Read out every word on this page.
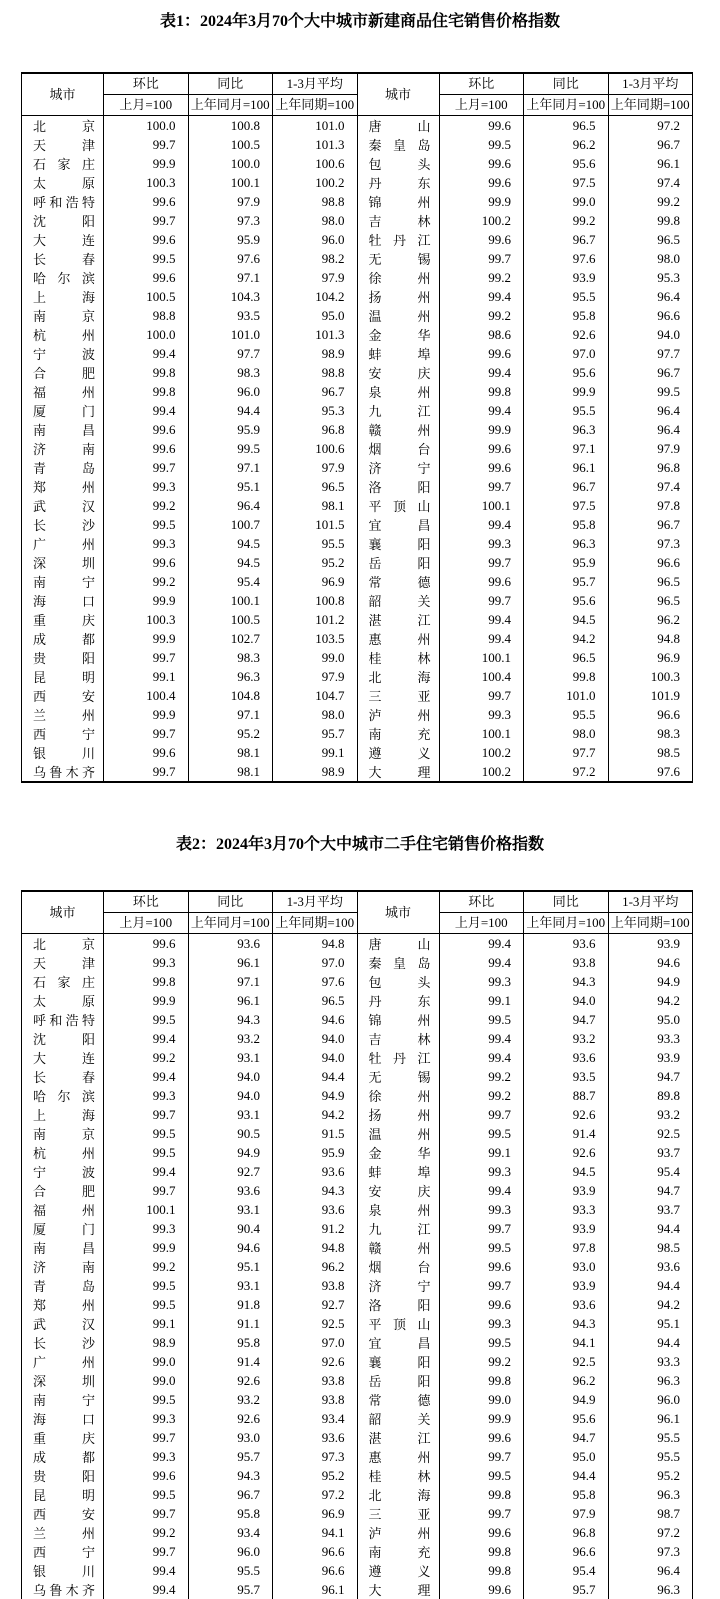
表1：2024年3月70个大中城市新建商品住宅销售价格指数
城市	环比	同比	1-3月平均	城市	环比	同比	1-3月平均
	上月=100	上年同月=100	上年同期=100		上月=100	上年同月=100	上年同期=100
北京	100.0	100.8	101.0	唐山	99.6	96.5	97.2
天津	99.7	100.5	101.3	秦皇岛	99.5	96.2	96.7
石家庄	99.9	100.0	100.6	包头	99.6	95.6	96.1
太原	100.3	100.1	100.2	丹东	99.6	97.5	97.4
呼和浩特	99.6	97.9	98.8	锦州	99.9	99.0	99.2
沈阳	99.7	97.3	98.0	吉林	100.2	99.2	99.8
大连	99.6	95.9	96.0	牡丹江	99.6	96.7	96.5
长春	99.5	97.6	98.2	无锡	99.7	97.6	98.0
哈尔滨	99.6	97.1	97.9	徐州	99.2	93.9	95.3
上海	100.5	104.3	104.2	扬州	99.4	95.5	96.4
南京	98.8	93.5	95.0	温州	99.2	95.8	96.6
杭州	100.0	101.0	101.3	金华	98.6	92.6	94.0
宁波	99.4	97.7	98.9	蚌埠	99.6	97.0	97.7
合肥	99.8	98.3	98.8	安庆	99.4	95.6	96.7
福州	99.8	96.0	96.7	泉州	99.8	99.9	99.5
厦门	99.4	94.4	95.3	九江	99.4	95.5	96.4
南昌	99.6	95.9	96.8	赣州	99.9	96.3	96.4
济南	99.6	99.5	100.6	烟台	99.6	97.1	97.9
青岛	99.7	97.1	97.9	济宁	99.6	96.1	96.8
郑州	99.3	95.1	96.5	洛阳	99.7	96.7	97.4
武汉	99.2	96.4	98.1	平顶山	100.1	97.5	97.8
长沙	99.5	100.7	101.5	宜昌	99.4	95.8	96.7
广州	99.3	94.5	95.5	襄阳	99.3	96.3	97.3
深圳	99.6	94.5	95.2	岳阳	99.7	95.9	96.6
南宁	99.2	95.4	96.9	常德	99.6	95.7	96.5
海口	99.9	100.1	100.8	韶关	99.7	95.6	96.5
重庆	100.3	100.5	101.2	湛江	99.4	94.5	96.2
成都	99.9	102.7	103.5	惠州	99.4	94.2	94.8
贵阳	99.7	98.3	99.0	桂林	100.1	96.5	96.9
昆明	99.1	96.3	97.9	北海	100.4	99.8	100.3
西安	100.4	104.8	104.7	三亚	99.7	101.0	101.9
兰州	99.9	97.1	98.0	泸州	99.3	95.5	96.6
西宁	99.7	95.2	95.7	南充	100.1	98.0	98.3
银川	99.6	98.1	99.1	遵义	100.2	97.7	98.5
乌鲁木齐	99.7	98.1	98.9	大理	100.2	97.2	97.6
表2：2024年3月70个大中城市二手住宅销售价格指数
城市	环比	同比	1-3月平均	城市	环比	同比	1-3月平均
	上月=100	上年同月=100	上年同期=100		上月=100	上年同月=100	上年同期=100
北京	99.6	93.6	94.8	唐山	99.4	93.6	93.9
天津	99.3	96.1	97.0	秦皇岛	99.4	93.8	94.6
石家庄	99.8	97.1	97.6	包头	99.3	94.3	94.9
太原	99.9	96.1	96.5	丹东	99.1	94.0	94.2
呼和浩特	99.5	94.3	94.6	锦州	99.5	94.7	95.0
沈阳	99.4	93.2	94.0	吉林	99.4	93.2	93.3
大连	99.2	93.1	94.0	牡丹江	99.4	93.6	93.9
长春	99.4	94.0	94.4	无锡	99.2	93.5	94.7
哈尔滨	99.3	94.0	94.9	徐州	99.2	88.7	89.8
上海	99.7	93.1	94.2	扬州	99.7	92.6	93.2
南京	99.5	90.5	91.5	温州	99.5	91.4	92.5
杭州	99.5	94.9	95.9	金华	99.1	92.6	93.7
宁波	99.4	92.7	93.6	蚌埠	99.3	94.5	95.4
合肥	99.7	93.6	94.3	安庆	99.4	93.9	94.7
福州	100.1	93.1	93.6	泉州	99.3	93.3	93.7
厦门	99.3	90.4	91.2	九江	99.7	93.9	94.4
南昌	99.9	94.6	94.8	赣州	99.5	97.8	98.5
济南	99.2	95.1	96.2	烟台	99.6	93.0	93.6
青岛	99.5	93.1	93.8	济宁	99.7	93.9	94.4
郑州	99.5	91.8	92.7	洛阳	99.6	93.6	94.2
武汉	99.1	91.1	92.5	平顶山	99.3	94.3	95.1
长沙	98.9	95.8	97.0	宜昌	99.5	94.1	94.4
广州	99.0	91.4	92.6	襄阳	99.2	92.5	93.3
深圳	99.0	92.6	93.8	岳阳	99.8	96.2	96.3
南宁	99.5	93.2	93.8	常德	99.0	94.9	96.0
海口	99.3	92.6	93.4	韶关	99.9	95.6	96.1
重庆	99.7	93.0	93.6	湛江	99.6	94.7	95.5
成都	99.3	95.7	97.3	惠州	99.7	95.0	95.5
贵阳	99.6	94.3	95.2	桂林	99.5	94.4	95.2
昆明	99.5	96.7	97.2	北海	99.8	95.8	96.3
西安	99.7	95.8	96.9	三亚	99.7	97.9	98.7
兰州	99.2	93.4	94.1	泸州	99.6	96.8	97.2
西宁	99.7	96.0	96.6	南充	99.8	96.6	97.3
银川	99.4	95.5	96.6	遵义	99.8	95.4	96.4
乌鲁木齐	99.4	95.7	96.1	大理	99.6	95.7	96.3
